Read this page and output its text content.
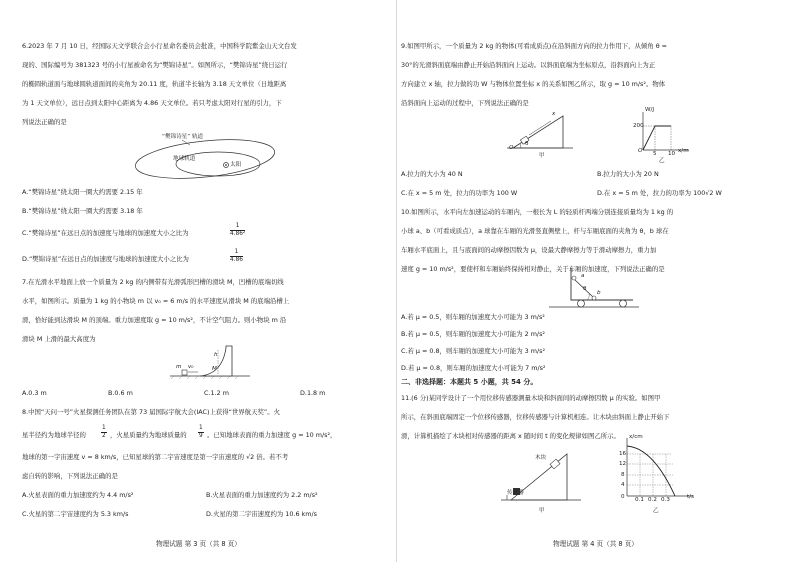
6.2023 年 7 月 10 日，经国际天文学联合会小行星命名委员会批准，中国科学院紫金山天文台发
现的、国际编号为 381323 号的小行星被命名为“樊锦诗星”。如图所示，“樊锦诗星”绕日运行
的椭圆轨道面与地球圆轨道面间的夹角为 20.11 度，轨道半长轴为 3.18 天文单位（日地距离
为 1 天文单位），远日点到太阳中心距离为 4.86 天文单位。若只考虑太阳对行星的引力，下
列说法正确的是
“樊锦诗星” 轨道
地球轨道
太阳
A.“樊锦诗星”绕太阳一圈大约需要 2.15 年
B.“樊锦诗星”绕太阳一圈大约需要 3.18 年
C.“樊锦诗星”在远日点的加速度与地球的加速度大小之比为	$\frac{1}{\text{4.86²}}$
D.“樊锦诗星”在远日点的加速度与地球的加速度大小之比为	$\frac{1}{4.86}$
7.在光滑水平地面上放一个质量为 2 kg 的内侧带有光滑弧形凹槽的滑块 M，凹槽的底端切线
水平，如图所示。质量为 1 kg 的小物块 m 以 v₀ = 6 m/s 的水平速度从滑块 M 的底端沿槽上
滑，恰好能到达滑块 M 的顶端。重力加速度取 g = 10 m/s²，不计空气阻力。则小物块 m 沿
滑块 M 上滑的最大高度为
h
m	M
v₀
A.0.3 m	B.0.6 m	C.1.2 m	D.1.8 m
8.中国“天问一号”火星探测任务团队在第 73 届国际宇航大会(IAC)上获得“世界航天奖”。火
星半径约为地球半径的	$\frac{1}{2}$ ，火星质量约为地球质量的 $\frac{1}{9}$ 。已知地球表面的重力加速度 g = 10 m/s²，
地球的第一宇宙速度 v = 8 km/s，已知星球的第二宇宙速度是第一宇宙速度的 √2 倍。若不考
虑自转的影响，下列说法正确的是
A.火星表面的重力加速度约为 4.4 m/s²	B.火星表面的重力加速度约为 2.2 m/s²
C.火星的第二宇宙速度约为 5.3 km/s	D.火星的第二宇宙速度约为 10.6 km/s
物理试题 第 3 页（共 8 页）
9.如图甲所示，一个质量为 2 kg 的物体(可看成质点)在沿斜面方向的拉力作用下，从倾角 θ =
30°的光滑斜面底端由静止开始沿斜面向上运动。以斜面底端为坐标原点，沿斜面向上为正
方向建立 x 轴，拉力做的功 W 与物体位置坐标 x 的关系如图乙所示，取 g = 10 m/s²。物体
沿斜面向上运动的过程中，下列说法正确的是
x
θ
O
甲
W/J
200
O 5 10 x/m
乙
A.拉力的大小为 40 N	B.拉力的大小为 20 N
C.在 x = 5 m 处，拉力的功率为 100 W	D.在 x = 5 m 处，拉力的功率为 100√2 W
10.如图所示，水平向左加速运动的车厢内，一根长为 L 的轻质杆两端分别连接质量均为 1 kg 的
小球 a、b（可看成质点），a 球靠在车厢的光滑竖直侧壁上，杆与车厢底面的夹角为 θ，b 球在
车厢水平底面上，且与底面间的动摩擦因数为 μ，设最大静摩擦力等于滑动摩擦力，重力加
速度 g = 10 m/s²，要使杆和车厢始终保持相对静止，关于车厢的加速度，下列说法正确的是
a
θ
b
A.若 μ = 0.5，则车厢的加速度大小可能为 3 m/s²
B.若 μ = 0.5，则车厢的加速度大小可能为 2 m/s²
C.若 μ = 0.8，则车厢的加速度大小可能为 3 m/s²
D.若 μ = 0.8，则车厢的加速度大小可能为 7 m/s²
二、非选择题：本题共 5 小题，共 54 分。
11.(6 分)某同学设计了一个用位移传感器测量木块和斜面间的动摩擦因数 μ 的实验。如图甲
所示，在斜面底端固定一个位移传感器，位移传感器与计算机相连。让木块由斜面上静止开始下
滑，计算机描绘了木块相对传感器的距离 x 随时间 t 的变化规律如图乙所示。
木块
传感器
甲
x/cm
16
12
8
4
0 0.1 0.2 0.3	t/s
乙
物理试题 第 4 页（共 8 页）
